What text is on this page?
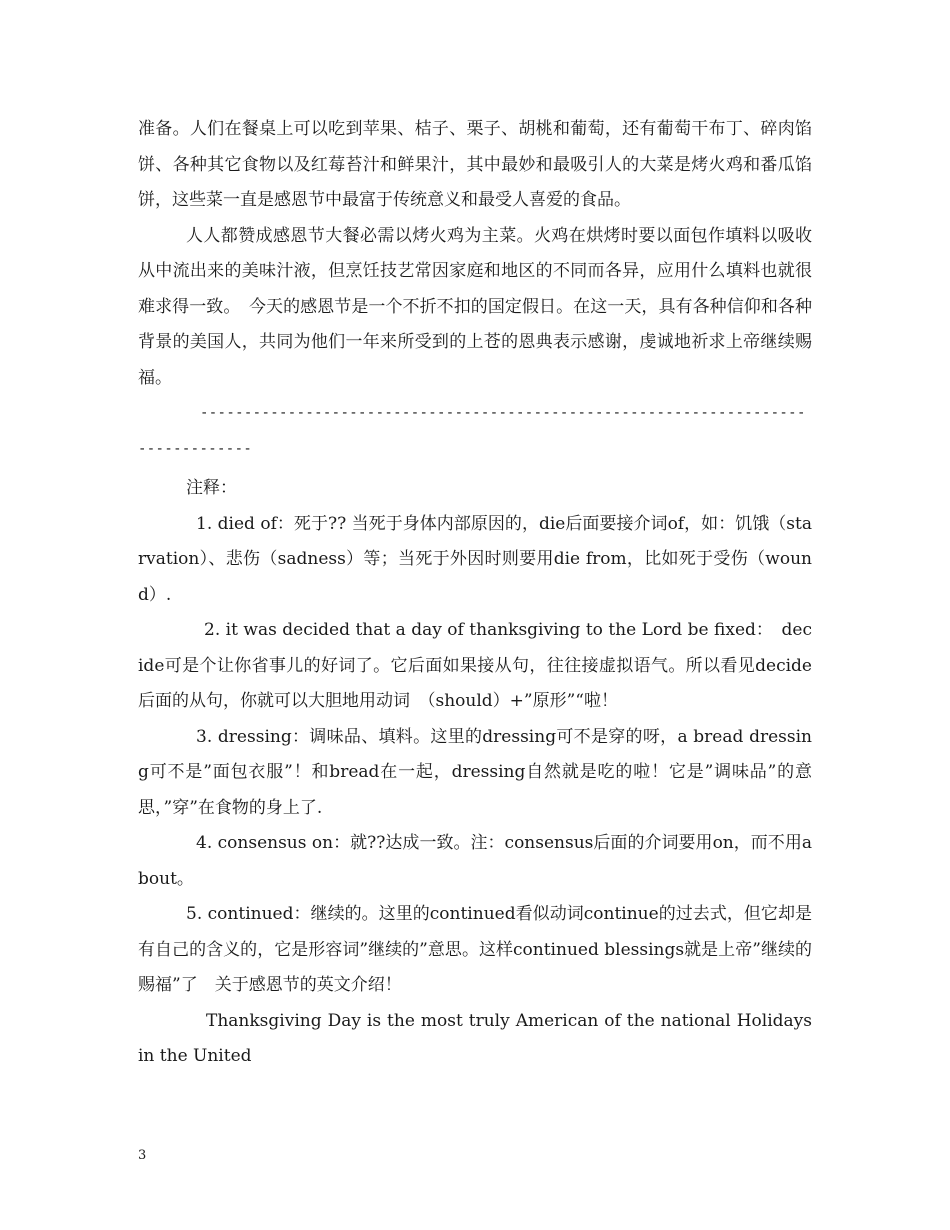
准备。人们在餐桌上可以吃到苹果、桔子、栗子、胡桃和葡萄，还有葡萄干布丁、碎肉馅饼、各种其它食物以及红莓苔汁和鲜果汁，其中最妙和最吸引人的大菜是烤火鸡和番瓜馅饼，这些菜一直是感恩节中最富于传统意义和最受人喜爱的食品。

人人都赞成感恩节大餐必需以烤火鸡为主菜。火鸡在烘烤时要以面包作填料以吸收从中流出来的美味汁液，但烹饪技艺常因家庭和地区的不同而各异，应用什么填料也就很难求得一致。　今天的感恩节是一个不折不扣的国定假日。在这一天，具有各种信仰和各种背景的美国人，共同为他们一年来所受到的上苍的恩典表示感谢，虔诚地祈求上帝继续赐福。

----------------------------------------------------------------------------------

注释：

1. died of：死于?? 当死于身体内部原因的，die后面要接介词of，如：饥饿（starvation）、悲伤（sadness）等；当死于外因时则要用die from，比如死于受伤（wound）.

2. it was decided that a day of thanksgiving to the Lord be fixed：　decide可是个让你省事儿的好词了。它后面如果接从句，往往接虚拟语气。所以看见decide后面的从句，你就可以大胆地用动词　（should）+”原形”“啦！

3. dressing：调味品、填料。这里的dressing可不是穿的呀，a bread dressing可不是”面包衣服”！和bread在一起，dressing自然就是吃的啦！它是”调味品”的意思，”穿”在食物的身上了.

4. consensus on：就??达成一致。注：consensus后面的介词要用on，而不用about。

5. continued：继续的。这里的continued看似动词continue的过去式，但它却是有自己的含义的，它是形容词”继续的”意思。这样continued blessings就是上帝”继续的赐福”了　关于感恩节的英文介绍！

Thanksgiving Day is the most truly American of the national Holidays in the United

3
